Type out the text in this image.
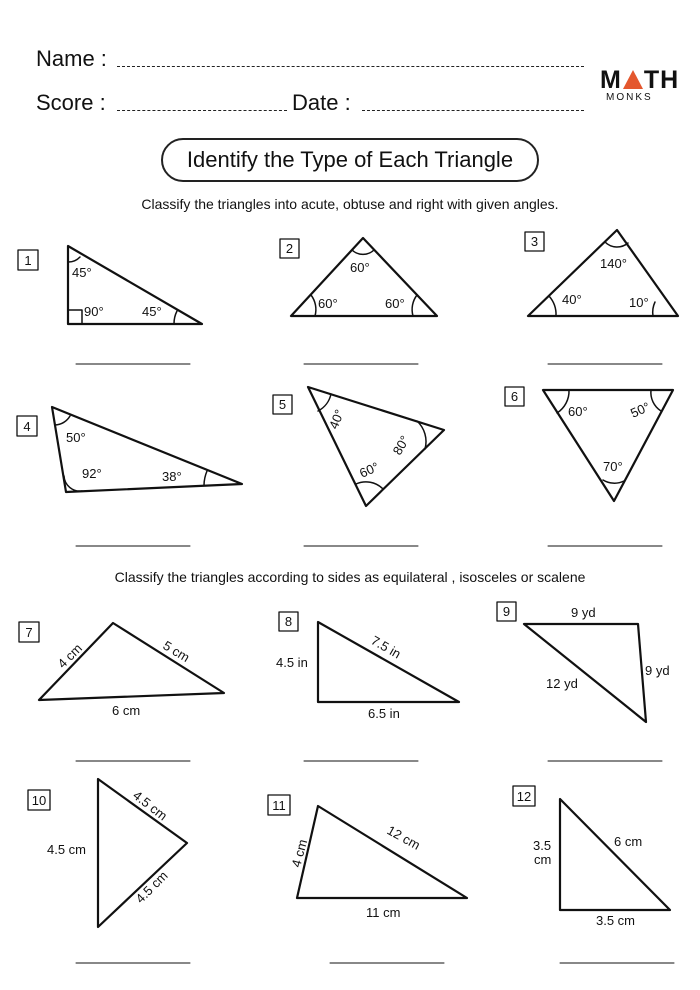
Name :
Score :	Date :
M TH
MONKS
Identify the Type of Each Triangle
Classify the triangles into acute, obtuse and right with given angles.
Classify the triangles according to sides as equilateral , isosceles or scalene
1
45°
90°	45°
2
60°
60°	60°
3
140°
40°	10°
4
50°
92°	38°
5
40°
80°
60°
6
60°	50°
70°
7
4 cm	5 cm
6 cm
8
4.5 in
7.5 in
6.5 in
9	9 yd
9 yd
12 yd
10
4.5 cm
4.5 cm
4.5 cm
11
4 cm
12 cm
11 cm
12
3.5
cm
6 cm
3.5 cm
